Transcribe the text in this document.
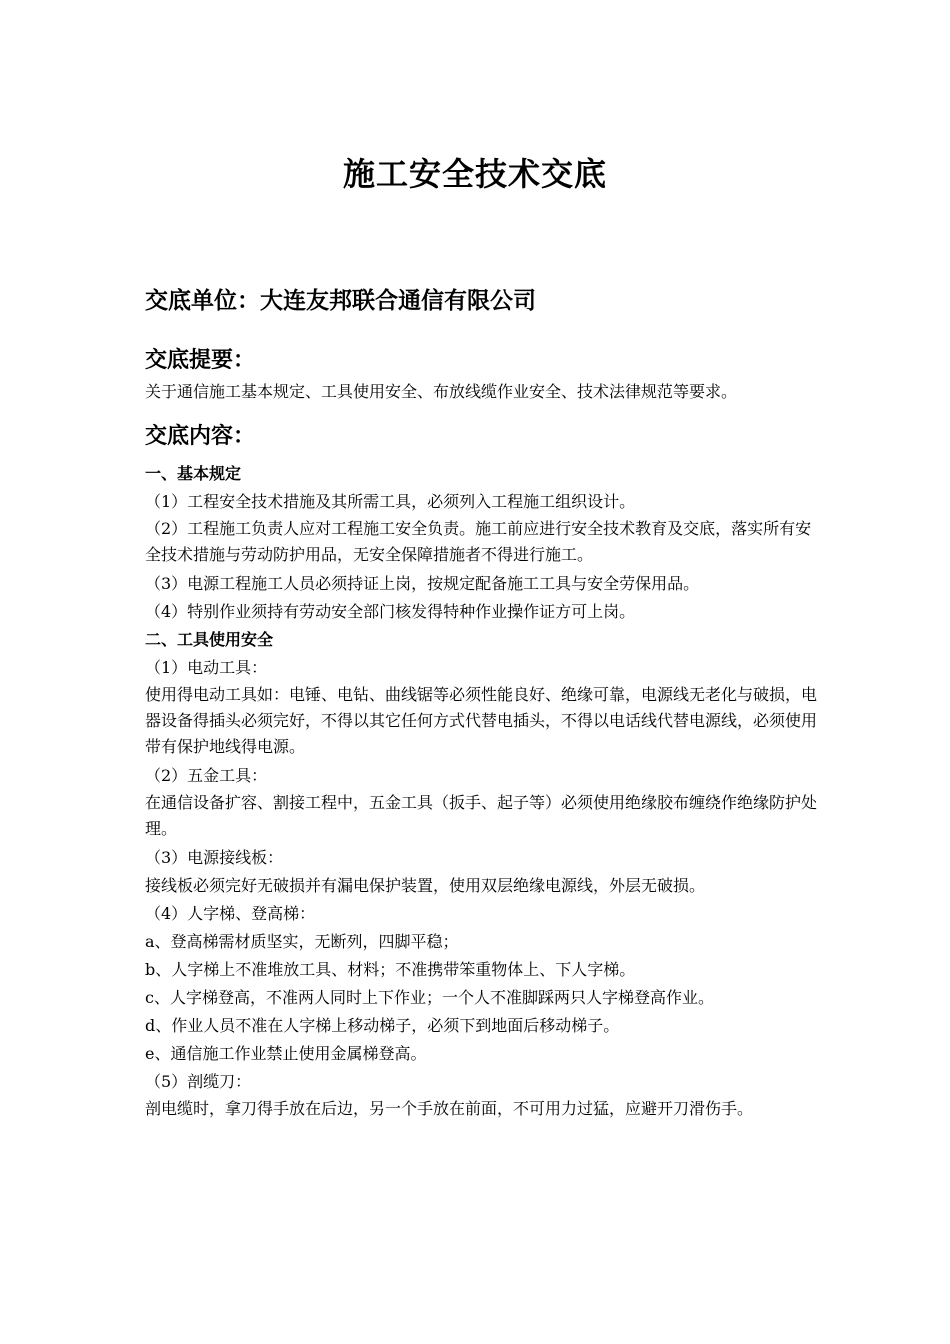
施工安全技术交底
交底单位：大连友邦联合通信有限公司
交底提要：
关于通信施工基本规定、工具使用安全、布放线缆作业安全、技术法律规范等要求。
交底内容：
一、基本规定
（1）工程安全技术措施及其所需工具，必须列入工程施工组织设计。
（2）工程施工负责人应对工程施工安全负责。施工前应进行安全技术教育及交底，落实所有安全技术措施与劳动防护用品，无安全保障措施者不得进行施工。
（3）电源工程施工人员必须持证上岗，按规定配备施工工具与安全劳保用品。
（4）特别作业须持有劳动安全部门核发得特种作业操作证方可上岗。
二、工具使用安全
（1）电动工具：
使用得电动工具如：电锤、电钻、曲线锯等必须性能良好、绝缘可靠，电源线无老化与破损，电器设备得插头必须完好，不得以其它任何方式代替电插头，不得以电话线代替电源线，必须使用带有保护地线得电源。
（2）五金工具：
在通信设备扩容、割接工程中，五金工具（扳手、起子等）必须使用绝缘胶布缠绕作绝缘防护处理。
（3）电源接线板：
接线板必须完好无破损并有漏电保护装置，使用双层绝缘电源线，外层无破损。
（4）人字梯、登高梯：
a、登高梯需材质坚实，无断列，四脚平稳；
b、人字梯上不准堆放工具、材料；不准携带笨重物体上、下人字梯。
c、人字梯登高，不准两人同时上下作业；一个人不准脚踩两只人字梯登高作业。
d、作业人员不准在人字梯上移动梯子，必须下到地面后移动梯子。
e、通信施工作业禁止使用金属梯登高。
（5）剖缆刀：
剖电缆时，拿刀得手放在后边，另一个手放在前面，不可用力过猛，应避开刀滑伤手。
